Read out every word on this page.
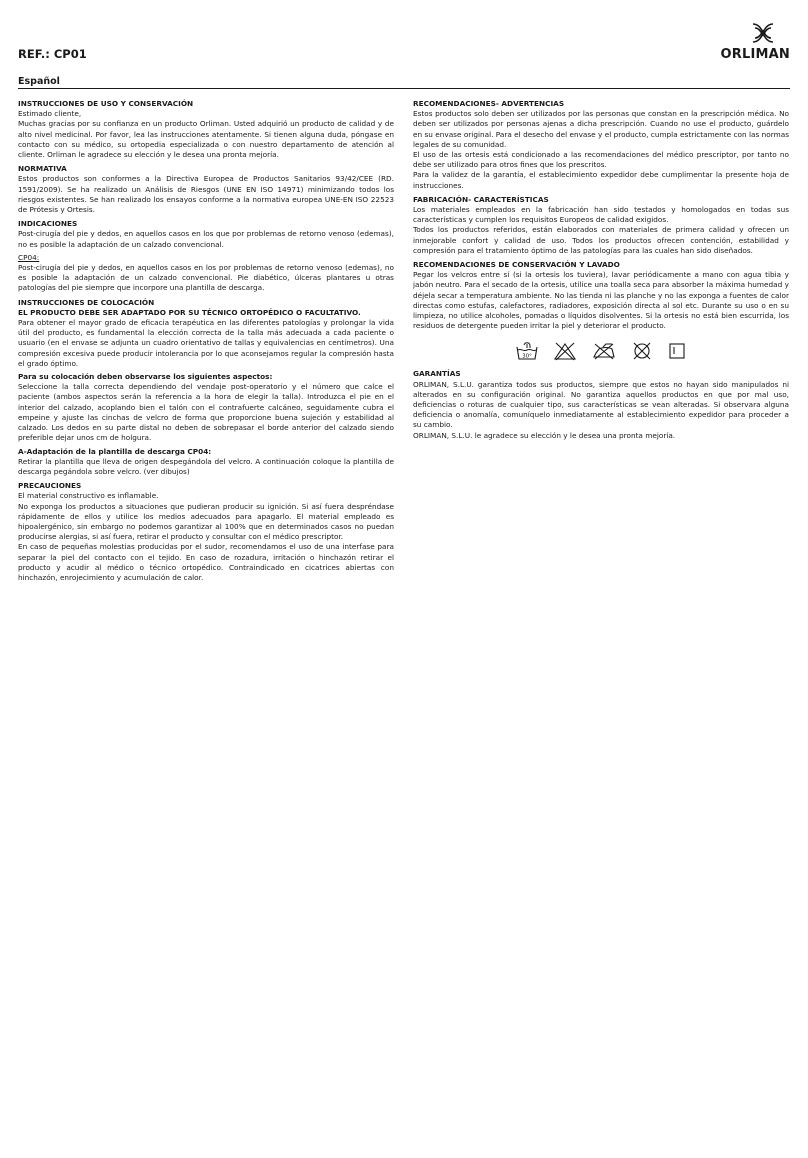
REF.: CP01	ORLIMAN
Español
INSTRUCCIONES DE USO Y CONSERVACIÓN

Estimado cliente,

Muchas gracias por su confianza en un producto Orliman. Usted adquirió un producto de calidad y de alto nivel medicinal. Por favor, lea las instrucciones atentamente. Si tienen alguna duda, póngase en contacto con su médico, su ortopedia especializada o con nuestro departamento de atención al cliente. Orliman le agradece su elección y le desea una pronta mejoría.

NORMATIVA

Estos productos son conformes a la Directiva Europea de Productos Sanitarios 93/42/CEE (RD. 1591/2009). Se ha realizado un Análisis de Riesgos (UNE EN ISO 14971) minimizando todos los riesgos existentes. Se han realizado los ensayos conforme a la normativa europea UNE-EN ISO 22523 de Prótesis y Ortesis.

INDICACIONES

Post-cirugía del pie y dedos, en aquellos casos en los que por problemas de retorno venoso (edemas), no es posible la adaptación de un calzado convencional.

CP04:

Post-cirugía del pie y dedos, en aquellos casos en los por problemas de retorno venoso (edemas), no es posible la adaptación de un calzado convencional. Pie diabético, úlceras plantares u otras patologías del pie siempre que incorpore una plantilla de descarga.

INSTRUCCIONES DE COLOCACIÓN
EL PRODUCTO DEBE SER ADAPTADO POR SU TÉCNICO ORTOPÉDICO O FACULTATIVO.

Para obtener el mayor grado de eficacia terapéutica en las diferentes patologías y prolongar la vida útil del producto, es fundamental la elección correcta de la talla más adecuada a cada paciente o usuario (en el envase se adjunta un cuadro orientativo de tallas y equivalencias en centímetros). Una compresión excesiva puede producir intolerancia por lo que aconsejamos regular la compresión hasta el grado óptimo.

Para su colocación deben observarse los siguientes aspectos:

Seleccione la talla correcta dependiendo del vendaje post-operatorio y el número que calce el paciente (ambos aspectos serán la referencia a la hora de elegir la talla). Introduzca el pie en el interior del calzado, acoplando bien el talón con el contrafuerte calcáneo, seguidamente cubra el empeine y ajuste las cinchas de velcro de forma que proporcione buena sujeción y estabilidad al calzado. Los dedos en su parte distal no deben de sobrepasar el borde anterior del calzado siendo preferible dejar unos cm de holgura.

A-Adaptación de la plantilla de descarga CP04:

Retirar la plantilla que lleva de origen despegándola del velcro. A continuación coloque la plantilla de descarga pegándola sobre velcro. (ver dibujos)

PRECAUCIONES

El material constructivo es inflamable.

No exponga los productos a situaciones que pudieran producir su ignición. Si así fuera despréndase rápidamente de ellos y utilice los medios adecuados para apagarlo. El material empleado es hipoalergénico, sin embargo no podemos garantizar al 100% que en determinados casos no puedan producirse alergias, si así fuera, retirar el producto y consultar con el médico prescriptor.

En caso de pequeñas molestias producidas por el sudor, recomendamos el uso de una interfase para separar la piel del contacto con el tejido. En caso de rozadura, irritación o hinchazón retirar el producto y acudir al médico o técnico ortopédico. Contraindicado en cicatrices abiertas con hinchazón, enrojecimiento y acumulación de calor.

RECOMENDACIONES- ADVERTENCIAS

Estos productos solo deben ser utilizados por las personas que constan en la prescripción médica. No deben ser utilizados por personas ajenas a dicha prescripción. Cuando no use el producto, guárdelo en su envase original. Para el desecho del envase y el producto, cumpla estrictamente con las normas legales de su comunidad.

El uso de las ortesis está condicionado a las recomendaciones del médico prescriptor, por tanto no debe ser utilizado para otros fines que los prescritos.

Para la validez de la garantía, el establecimiento expedidor debe cumplimentar la presente hoja de instrucciones.

FABRICACIÓN- CARACTERÍSTICAS

Los materiales empleados en la fabricación han sido testados y homologados en todas sus características y cumplen los requisitos Europeos de calidad exigidos.

Todos los productos referidos, están elaborados con materiales de primera calidad y ofrecen un inmejorable confort y calidad de uso. Todos los productos ofrecen contención, estabilidad y compresión para el tratamiento óptimo de las patologías para las cuales han sido diseñados.

RECOMENDACIONES DE CONSERVACIÓN Y LAVADO

Pegar los velcros entre sí (si la ortesis los tuviera), lavar periódicamente a mano con agua tibia y jabón neutro. Para el secado de la ortesis, utilice una toalla seca para absorber la máxima humedad y déjela secar a temperatura ambiente. No las tienda ni las planche y no las exponga a fuentes de calor directas como estufas, calefactores, radiadores, exposición directa al sol etc. Durante su uso o en su limpieza, no utilice alcoholes, pomadas o líquidos disolventes. Si la ortesis no está bien escurrida, los residuos de detergente pueden irritar la piel y deteriorar el producto.

30°
GARANTÍAS

ORLIMAN, S.L.U. garantiza todos sus productos, siempre que estos no hayan sido manipulados ni alterados en su configuración original. No garantiza aquellos productos en que por mal uso, deficiencias o roturas de cualquier tipo, sus características se vean alteradas. Si observara alguna deficiencia o anomalía, comuníquelo inmediatamente al establecimiento expedidor para proceder a su cambio.

ORLIMAN, S.L.U. le agradece su elección y le desea una pronta mejoría.
